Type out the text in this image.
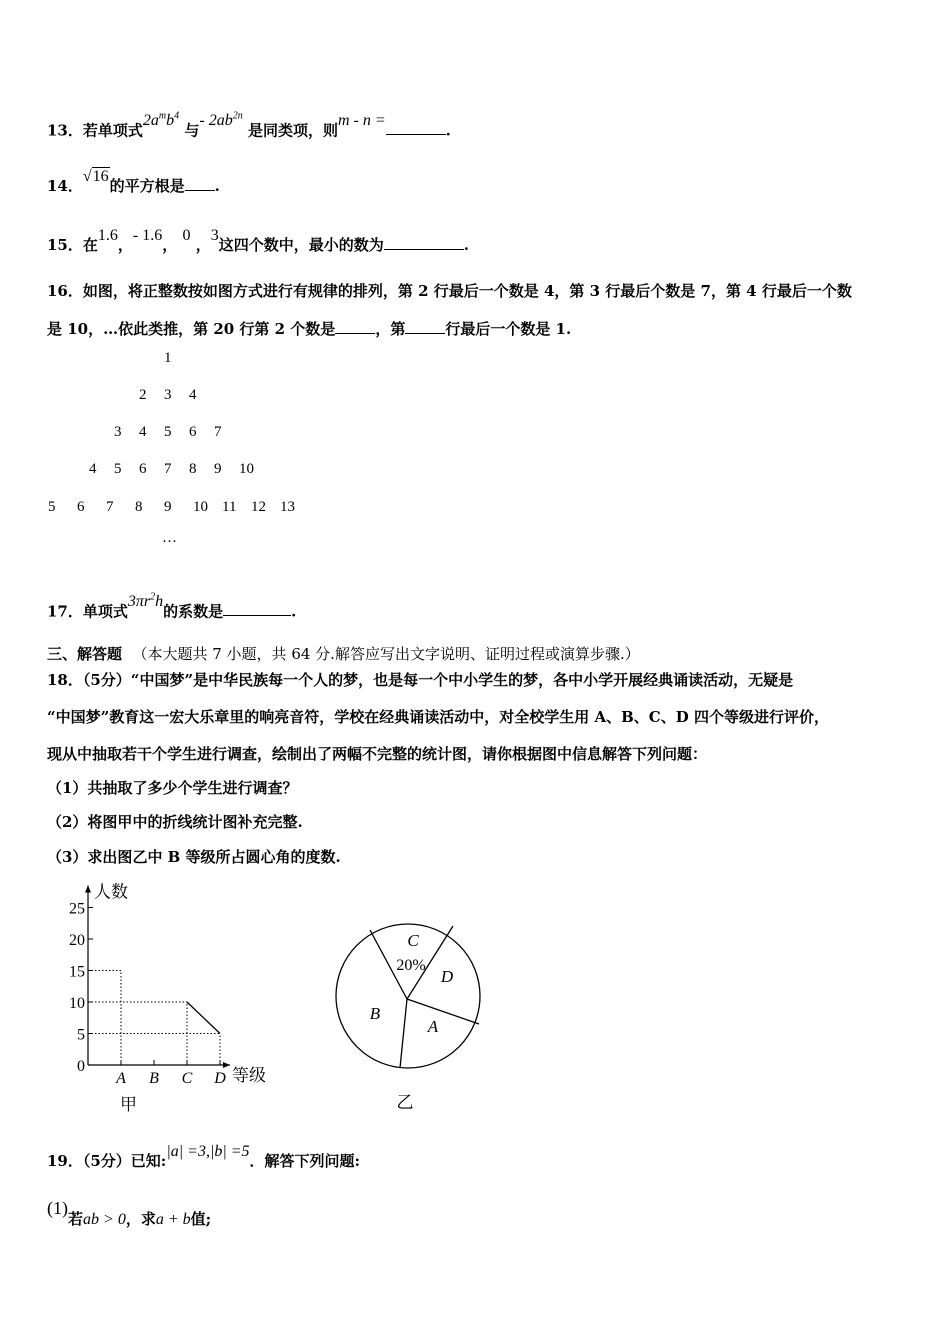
13．若单项式$2a^mb^4$ 与- $2ab^{2n}$ 是同类项，则m - n =.
14．√16的平方根是 .
15．在1.6，- 1.6， 0 ，3这四个数中，最小的数为	.
16．如图，将正整数按如图方式进行有规律的排列，第 2 行最后一个数是 4，第 3 行最后个数是 7，第 4 行最后一个数
是 10，…依此类推，第 20 行第 2 个数是	，第	行最后一个数是 1.
1
2 3 4
3 4 5 6 7
4 5 6 7 8 9 10
5 6 7 8 9 10 11 12 13
…
17．单项式$3\pi r^2h$的系数是	.
三、解答题 （本大题共 7 小题，共 64 分.解答应写出文字说明、证明过程或演算步骤.）
18．（5分）“中国梦”是中华民族每一个人的梦，也是每一个中小学生的梦，各中小学开展经典诵读活动，无疑是
“中国梦”教育这一宏大乐章里的响亮音符，学校在经典诵读活动中，对全校学生用 A、B、C、D 四个等级进行评价，
现从中抽取若干个学生进行调查，绘制出了两幅不完整的统计图，请你根据图中信息解答下列问题：
（1）共抽取了多少个学生进行调查？
（2）将图甲中的折线统计图补充完整.
（3）求出图乙中 B 等级所占圆心角的度数.
人数
等级
0
5
10
15
20
25
A B C D
甲
C
D
A
B
20%
乙
19．（5分）已知:|a| =3,|b| =5．解答下列问题:
(1)若ab > 0，求a + b值;
